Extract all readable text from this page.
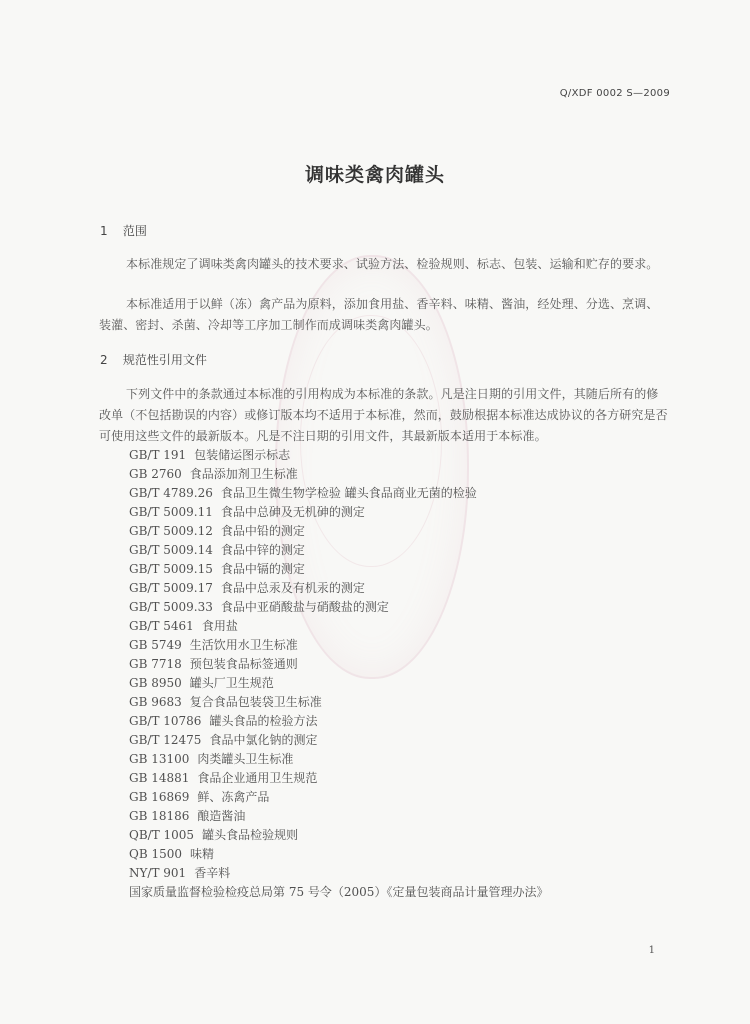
Q/XDF 0002 S—2009
调味类禽肉罐头
1 范围
本标准规定了调味类禽肉罐头的技术要求、试验方法、检验规则、标志、包装、运输和贮存的要求。
本标准适用于以鲜（冻）禽产品为原料，添加食用盐、香辛料、味精、酱油，经处理、分选、烹调、装灌、密封、杀菌、冷却等工序加工制作而成调味类禽肉罐头。
2 规范性引用文件
下列文件中的条款通过本标准的引用构成为本标准的条款。凡是注日期的引用文件，其随后所有的修改单（不包括勘误的内容）或修订版本均不适用于本标准，然而，鼓励根据本标准达成协议的各方研究是否可使用这些文件的最新版本。凡是不注日期的引用文件，其最新版本适用于本标准。
GB/T 191 包装储运图示标志
GB 2760 食品添加剂卫生标准
GB/T 4789.26 食品卫生微生物学检验 罐头食品商业无菌的检验
GB/T 5009.11 食品中总砷及无机砷的测定
GB/T 5009.12 食品中铅的测定
GB/T 5009.14 食品中锌的测定
GB/T 5009.15 食品中镉的测定
GB/T 5009.17 食品中总汞及有机汞的测定
GB/T 5009.33 食品中亚硝酸盐与硝酸盐的测定
GB/T 5461 食用盐
GB 5749 生活饮用水卫生标准
GB 7718 预包装食品标签通则
GB 8950 罐头厂卫生规范
GB 9683 复合食品包装袋卫生标准
GB/T 10786 罐头食品的检验方法
GB/T 12475 食品中氯化钠的测定
GB 13100 肉类罐头卫生标准
GB 14881 食品企业通用卫生规范
GB 16869 鲜、冻禽产品
GB 18186 酿造酱油
QB/T 1005 罐头食品检验规则
QB 1500 味精
NY/T 901 香辛料
国家质量监督检验检疫总局第 75 号令（2005）《定量包装商品计量管理办法》
1
